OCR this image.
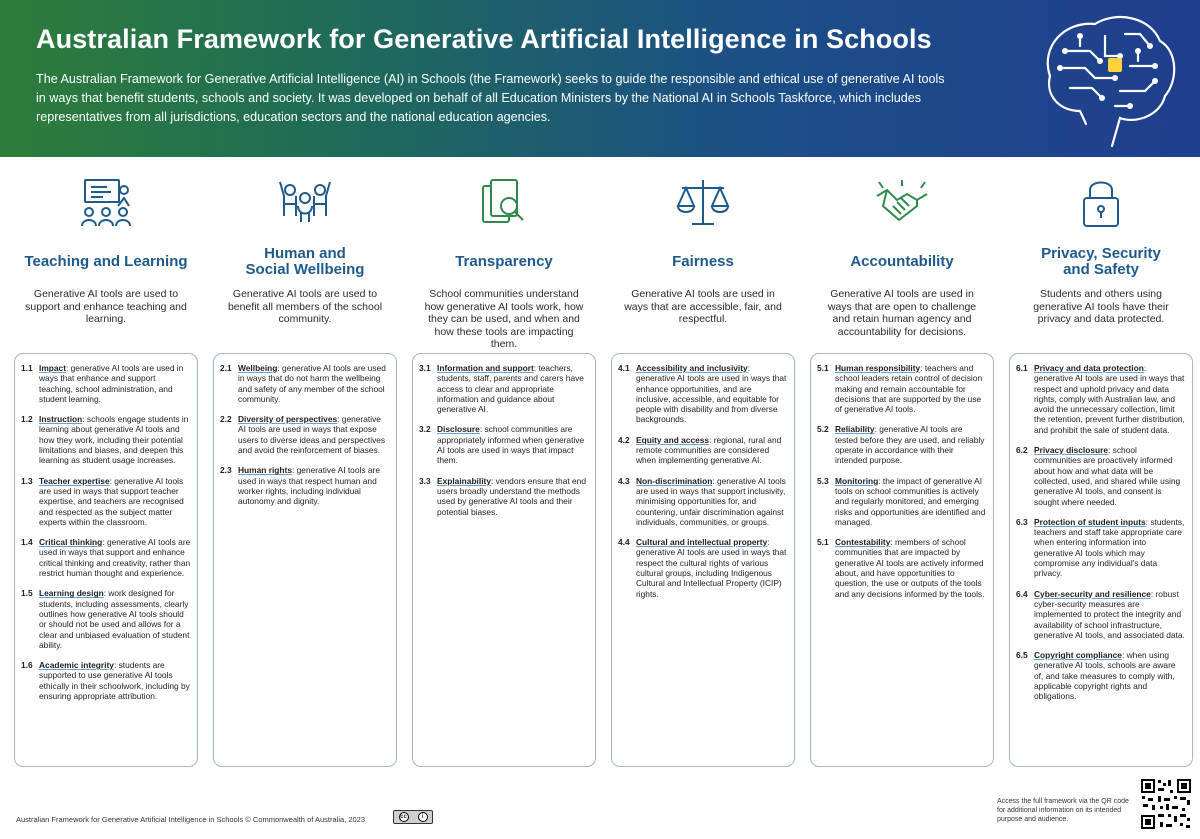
Australian Framework for Generative Artificial Intelligence in Schools

The Australian Framework for Generative Artificial Intelligence (AI) in Schools (the Framework) seeks to guide the responsible and ethical use of generative AI tools in ways that benefit students, schools and society. It was developed on behalf of all Education Ministers by the National AI in Schools Taskforce, which includes representatives from all jurisdictions, education sectors and the national education agencies.

Teaching and Learning
Generative AI tools are used to support and enhance teaching and learning.
1.1 Impact: generative AI tools are used in ways that enhance and support teaching, school administration, and student learning.
1.2 Instruction: schools engage students in learning about generative AI tools and how they work, including their potential limitations and biases, and deepen this learning as student usage increases.
1.3 Teacher expertise: generative AI tools are used in ways that support teacher expertise, and teachers are recognised and respected as the subject matter experts within the classroom.
1.4 Critical thinking: generative AI tools are used in ways that support and enhance critical thinking and creativity, rather than restrict human thought and experience.
1.5 Learning design: work designed for students, including assessments, clearly outlines how generative AI tools should or should not be used and allows for a clear and unbiased evaluation of student ability.
1.6 Academic integrity: students are supported to use generative AI tools ethically in their schoolwork, including by ensuring appropriate attribution.
Human and
Social Wellbeing
Generative AI tools are used to benefit all members of the school community.
2.1 Wellbeing: generative AI tools are used in ways that do not harm the wellbeing and safety of any member of the school community.
2.2 Diversity of perspectives: generative AI tools are used in ways that expose users to diverse ideas and perspectives and avoid the reinforcement of biases.
2.3 Human rights: generative AI tools are used in ways that respect human and worker rights, including individual autonomy and dignity.
Transparency
School communities understand how generative AI tools work, how they can be used, and when and how these tools are impacting them.
3.1 Information and support: teachers, students, staff, parents and carers have access to clear and appropriate information and guidance about generative AI.
3.2 Disclosure: school communities are appropriately informed when generative AI tools are used in ways that impact them.
3.3 Explainability: vendors ensure that end users broadly understand the methods used by generative AI tools and their potential biases.
Fairness
Generative AI tools are used in ways that are accessible, fair, and respectful.
4.1 Accessibility and inclusivity: generative AI tools are used in ways that enhance opportunities, and are inclusive, accessible, and equitable for people with disability and from diverse backgrounds.
4.2 Equity and access: regional, rural and remote communities are considered when implementing generative AI.
4.3 Non-discrimination: generative AI tools are used in ways that support inclusivity, minimising opportunities for, and countering, unfair discrimination against individuals, communities, or groups.
4.4 Cultural and intellectual property: generative AI tools are used in ways that respect the cultural rights of various cultural groups, including Indigenous Cultural and Intellectual Property (ICIP) rights.
Accountability
Generative AI tools are used in ways that are open to challenge and retain human agency and accountability for decisions.
5.1 Human responsibility: teachers and school leaders retain control of decision making and remain accountable for decisions that are supported by the use of generative AI tools.
5.2 Reliability: generative AI tools are tested before they are used, and reliably operate in accordance with their intended purpose.
5.3 Monitoring: the impact of generative AI tools on school communities is actively and regularly monitored, and emerging risks and opportunities are identified and managed.
5.1 Contestability: members of school communities that are impacted by generative AI tools are actively informed about, and have opportunities to question, the use or outputs of the tools and any decisions informed by the tools.
Privacy, Security
and Safety
Students and others using generative AI tools have their privacy and data protected.
6.1 Privacy and data protection: generative AI tools are used in ways that respect and uphold privacy and data rights, comply with Australian law, and avoid the unnecessary collection, limit the retention, prevent further distribution, and prohibit the sale of student data.
6.2 Privacy disclosure: school communities are proactively informed about how and what data will be collected, used, and shared while using generative AI tools, and consent is sought where needed.
6.3 Protection of student inputs: students, teachers and staff take appropriate care when entering information into generative AI tools which may compromise any individual's data privacy.
6.4 Cyber-security and resilience: robust cyber-security measures are implemented to protect the integrity and availability of school infrastructure, generative AI tools, and associated data.
6.5 Copyright compliance: when using generative AI tools, schools are aware of, and take measures to comply with, applicable copyright rights and obligations.
Australian Framework for Generative Artificial Intelligence in Schools © Commonwealth of Australia, 2023	cc	i
Access the full framework via the QR code for additional information on its intended purpose and audience.
